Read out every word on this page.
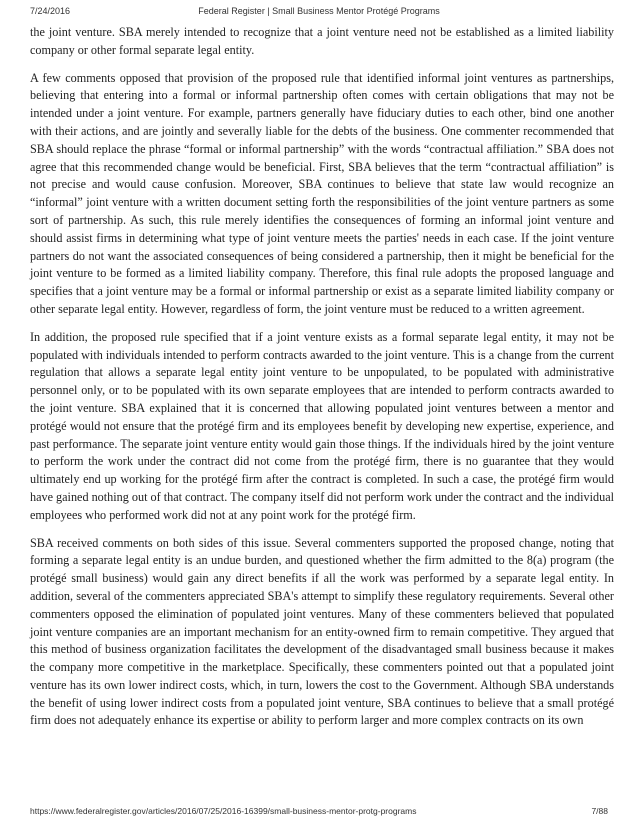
7/24/2016	Federal Register | Small Business Mentor Protégé Programs

the joint venture. SBA merely intended to recognize that a joint venture need not be established as a limited liability company or other formal separate legal entity.

A few comments opposed that provision of the proposed rule that identified informal joint ventures as partnerships, believing that entering into a formal or informal partnership often comes with certain obligations that may not be intended under a joint venture. For example, partners generally have fiduciary duties to each other, bind one another with their actions, and are jointly and severally liable for the debts of the business. One commenter recommended that SBA should replace the phrase “formal or informal partnership” with the words “contractual affiliation.” SBA does not agree that this recommended change would be beneficial. First, SBA believes that the term “contractual affiliation” is not precise and would cause confusion. Moreover, SBA continues to believe that state law would recognize an “informal” joint venture with a written document setting forth the responsibilities of the joint venture partners as some sort of partnership. As such, this rule merely identifies the consequences of forming an informal joint venture and should assist firms in determining what type of joint venture meets the parties' needs in each case. If the joint venture partners do not want the associated consequences of being considered a partnership, then it might be beneficial for the joint venture to be formed as a limited liability company. Therefore, this final rule adopts the proposed language and specifies that a joint venture may be a formal or informal partnership or exist as a separate limited liability company or other separate legal entity. However, regardless of form, the joint venture must be reduced to a written agreement.

In addition, the proposed rule specified that if a joint venture exists as a formal separate legal entity, it may not be populated with individuals intended to perform contracts awarded to the joint venture. This is a change from the current regulation that allows a separate legal entity joint venture to be unpopulated, to be populated with administrative personnel only, or to be populated with its own separate employees that are intended to perform contracts awarded to the joint venture. SBA explained that it is concerned that allowing populated joint ventures between a mentor and protégé would not ensure that the protégé firm and its employees benefit by developing new expertise, experience, and past performance. The separate joint venture entity would gain those things. If the individuals hired by the joint venture to perform the work under the contract did not come from the protégé firm, there is no guarantee that they would ultimately end up working for the protégé firm after the contract is completed. In such a case, the protégé firm would have gained nothing out of that contract. The company itself did not perform work under the contract and the individual employees who performed work did not at any point work for the protégé firm.

SBA received comments on both sides of this issue. Several commenters supported the proposed change, noting that forming a separate legal entity is an undue burden, and questioned whether the firm admitted to the 8(a) program (the protégé small business) would gain any direct benefits if all the work was performed by a separate legal entity. In addition, several of the commenters appreciated SBA's attempt to simplify these regulatory requirements. Several other commenters opposed the elimination of populated joint ventures. Many of these commenters believed that populated joint venture companies are an important mechanism for an entity-owned firm to remain competitive. They argued that this method of business organization facilitates the development of the disadvantaged small business because it makes the company more competitive in the marketplace. Specifically, these commenters pointed out that a populated joint venture has its own lower indirect costs, which, in turn, lowers the cost to the Government. Although SBA understands the benefit of using lower indirect costs from a populated joint venture, SBA continues to believe that a small protégé firm does not adequately enhance its expertise or ability to perform larger and more complex contracts on its own

https://www.federalregister.gov/articles/2016/07/25/2016-16399/small-business-mentor-protg-programs	7/88
